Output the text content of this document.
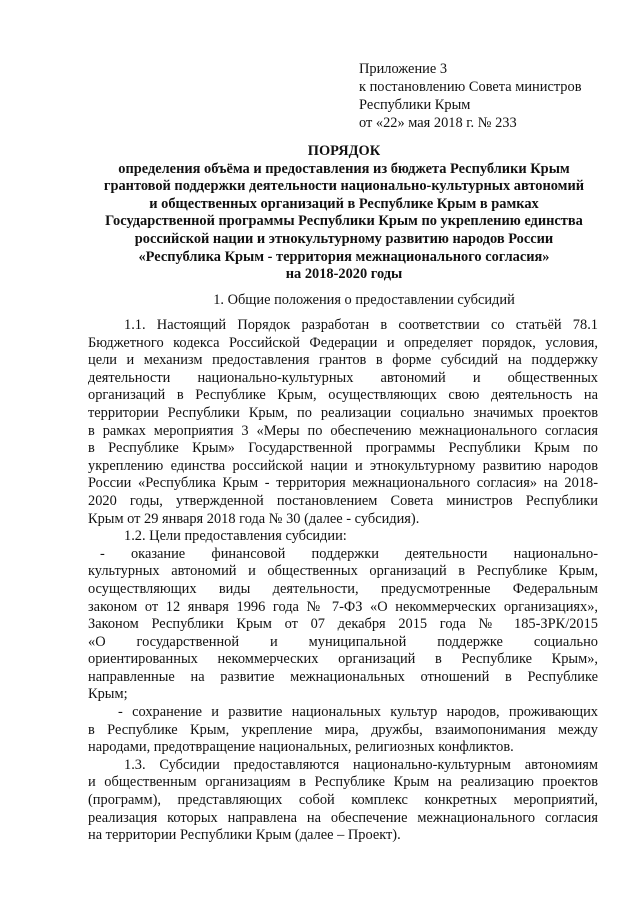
Приложение 3
к постановлению Совета министров
Республики Крым
от «22» мая 2018 г. № 233
ПОРЯДОК
определения объёма и предоставления из бюджета Республики Крым
грантовой поддержки деятельности национально-культурных автономий
и общественных организаций в Республике Крым в рамках
Государственной программы Республики Крым по укреплению единства
российской нации и этнокультурному развитию народов России
«Республика Крым - территория межнационального согласия»
на 2018-2020 годы
1. Общие положения о предоставлении субсидий
1.1. Настоящий Порядок разработан в соответствии со статьёй 78.1
Бюджетного кодекса Российской Федерации и определяет порядок, условия,
цели и механизм предоставления грантов в форме субсидий на поддержку
деятельности национально-культурных автономий и общественных
организаций в Республике Крым, осуществляющих свою деятельность на
территории Республики Крым, по реализации социально значимых проектов
в рамках мероприятия 3 «Меры по обеспечению межнационального согласия
в Республике Крым» Государственной программы Республики Крым по
укреплению единства российской нации и этнокультурному развитию народов
России «Республика Крым - территория межнационального согласия» на 2018-
2020 годы, утвержденной постановлением Совета министров Республики
Крым от 29 января 2018 года № 30 (далее - субсидия).
1.2. Цели предоставления субсидии:
- оказание финансовой поддержки деятельности национально-
культурных автономий и общественных организаций в Республике Крым,
осуществляющих виды деятельности, предусмотренные Федеральным
законом от 12 января 1996 года № 7-ФЗ «О некоммерческих организациях»,
Законом Республики Крым от 07 декабря 2015 года № 185-ЗРК/2015
«О государственной и муниципальной поддержке социально
ориентированных некоммерческих организаций в Республике Крым»,
направленные на развитие межнациональных отношений в Республике
Крым;
- сохранение и развитие национальных культур народов, проживающих
в Республике Крым, укрепление мира, дружбы, взаимопонимания между
народами, предотвращение национальных, религиозных конфликтов.
1.3. Субсидии предоставляются национально-культурным автономиям
и общественным организациям в Республике Крым на реализацию проектов
(программ), представляющих собой комплекс конкретных мероприятий,
реализация которых направлена на обеспечение межнационального согласия
на территории Республики Крым (далее – Проект).
